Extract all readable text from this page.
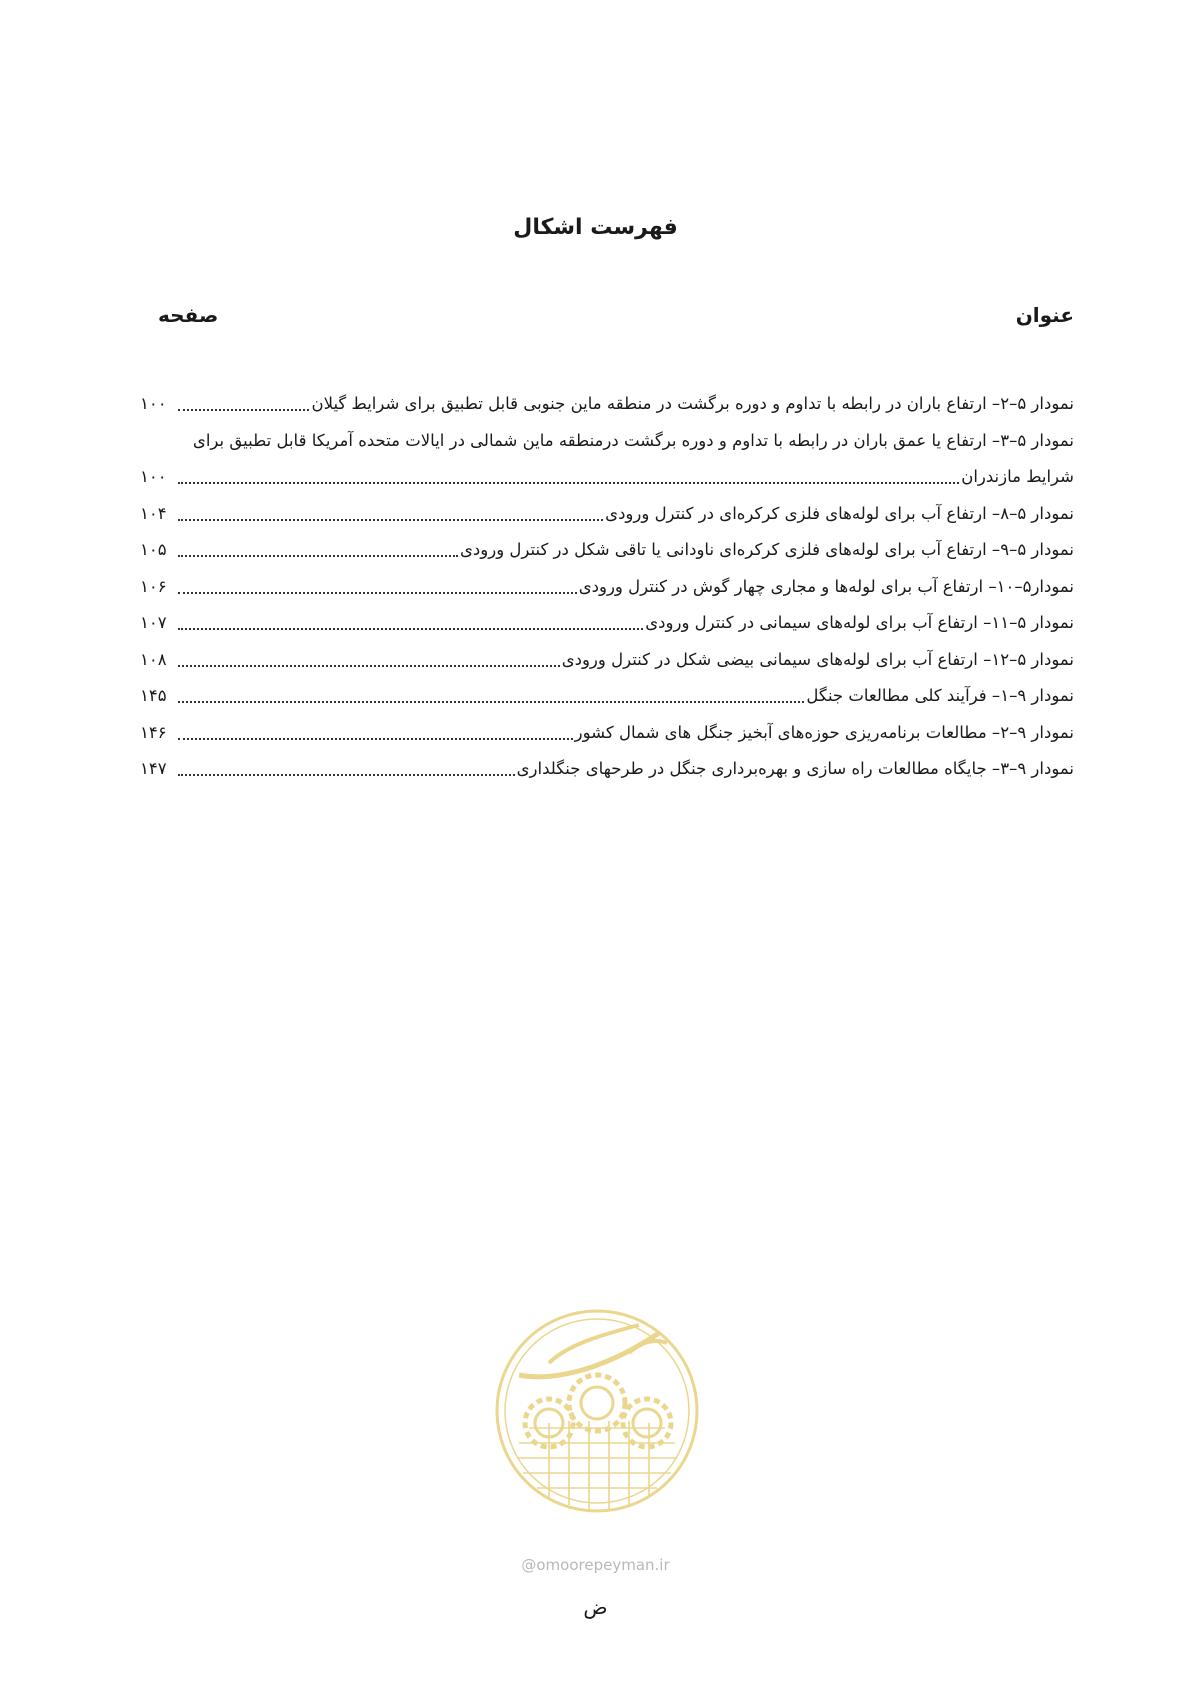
فهرست اشکال
عنوان
صفحه
نمودار ۵–۲– ارتفاع باران در رابطه با تداوم و دوره برگشت در منطقه ماین جنوبی قابل تطبیق برای شرایط گیلان
۱۰۰
نمودار ۵–۳– ارتفاع یا عمق باران در رابطه با تداوم و دوره برگشت درمنطقه ماین شمالی در ایالات متحده آمریکا قابل تطبیق برای
شرایط مازندران
۱۰۰
نمودار ۵–۸– ارتفاع آب برای لوله‌های فلزی کرکره‌ای در کنترل ورودی
۱۰۴
نمودار ۵–۹– ارتفاع آب برای لوله‌های فلزی کرکره‌ای ناودانی یا تاقی شکل در کنترل ورودی
۱۰۵
نمودار۵–۱۰– ارتفاع آب برای لوله‌ها و مجاری چهار گوش در کنترل ورودی
۱۰۶
نمودار ۵–۱۱– ارتفاع آب برای لوله‌های سیمانی در کنترل ورودی
۱۰۷
نمودار ۵–۱۲– ارتفاع آب برای لوله‌های سیمانی بیضی شکل در کنترل ورودی
۱۰۸
نمودار ۹–۱– فرآیند کلی مطالعات جنگل
۱۴۵
نمودار ۹–۲– مطالعات برنامه‌ریزی حوزه‌های آبخیز جنگل های شمال کشور
۱۴۶
نمودار ۹–۳– جایگاه مطالعات راه سازی و بهره‌برداری جنگل در طرحهای جنگلداری
۱۴۷
@omoorepeyman.ir
ض
